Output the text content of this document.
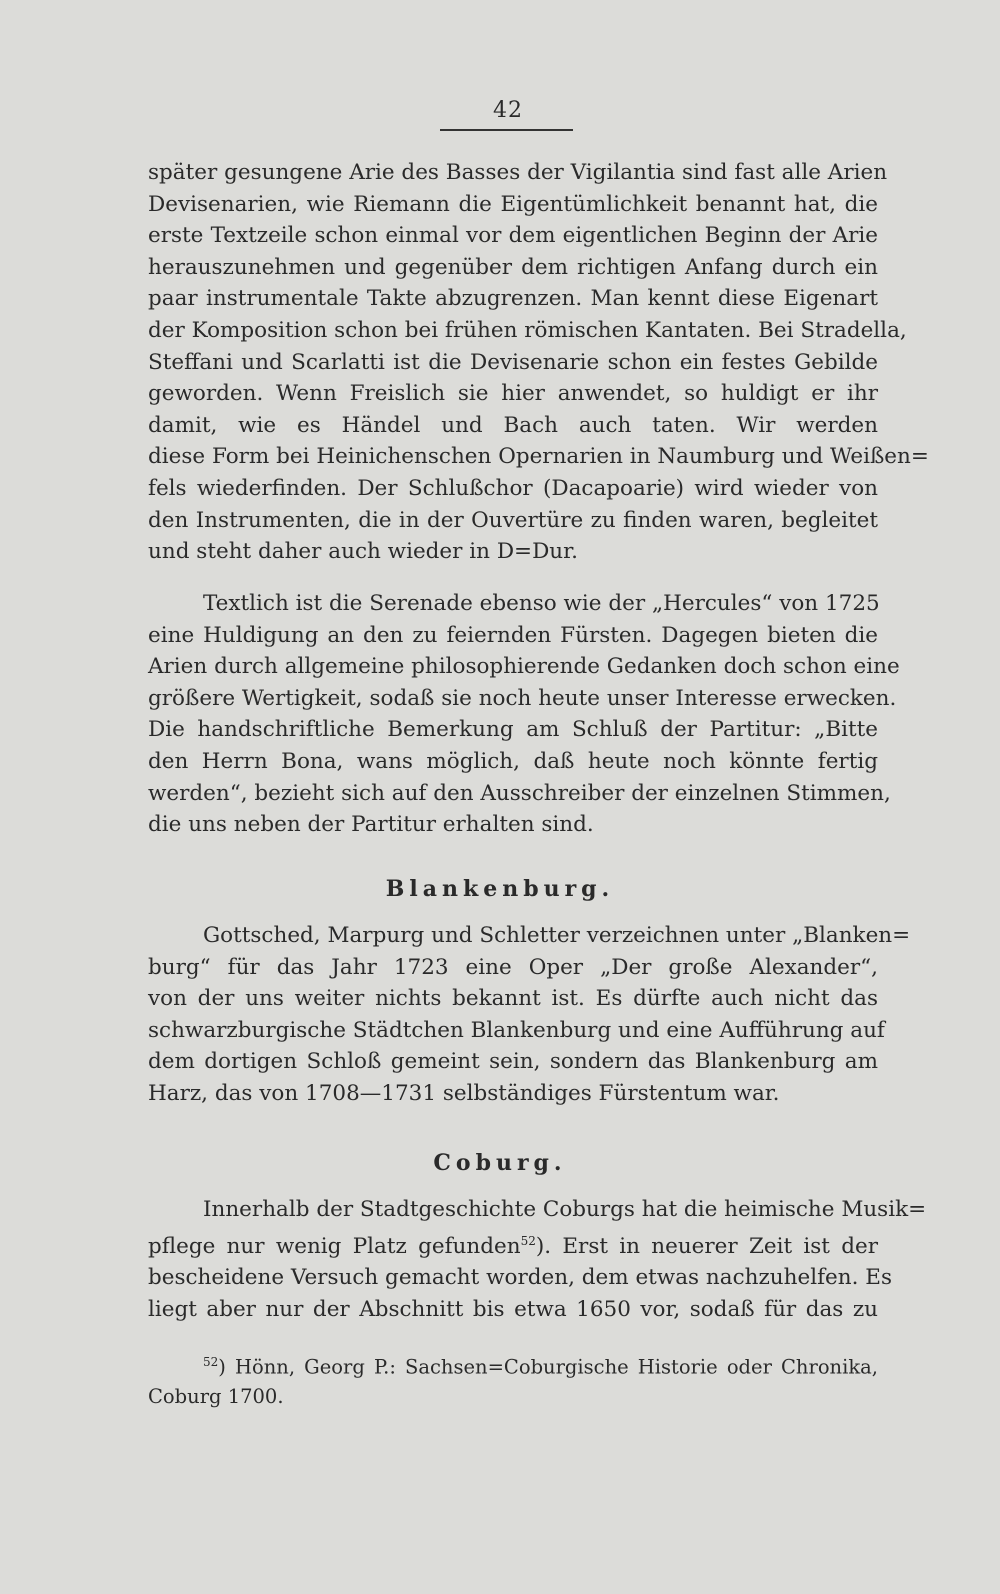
42
später gesungene Arie des Basses der Vigilantia sind fast alle Arien
Devisenarien, wie Riemann die Eigentümlichkeit benannt hat, die
erste Textzeile schon einmal vor dem eigentlichen Beginn der Arie
herauszunehmen und gegenüber dem richtigen Anfang durch ein
paar instrumentale Takte abzugrenzen. Man kennt diese Eigenart
der Komposition schon bei frühen römischen Kantaten. Bei Stradella,
Steffani und Scarlatti ist die Devisenarie schon ein festes Gebilde
geworden. Wenn Freislich sie hier anwendet, so huldigt er ihr
damit, wie es Händel und Bach auch taten. Wir werden
diese Form bei Heinichenschen Opernarien in Naumburg und Weißen=
fels wiederfinden. Der Schlußchor (Dacapoarie) wird wieder von
den Instrumenten, die in der Ouvertüre zu finden waren, begleitet
und steht daher auch wieder in D=Dur.
Textlich ist die Serenade ebenso wie der „Hercules“ von 1725
eine Huldigung an den zu feiernden Fürsten. Dagegen bieten die
Arien durch allgemeine philosophierende Gedanken doch schon eine
größere Wertigkeit, sodaß sie noch heute unser Interesse erwecken.
Die handschriftliche Bemerkung am Schluß der Partitur: „Bitte
den Herrn Bona, wans möglich, daß heute noch könnte fertig
werden“, bezieht sich auf den Ausschreiber der einzelnen Stimmen,
die uns neben der Partitur erhalten sind.
Blankenburg.
Gottsched, Marpurg und Schletter verzeichnen unter „Blanken=
burg“ für das Jahr 1723 eine Oper „Der große Alexander“,
von der uns weiter nichts bekannt ist. Es dürfte auch nicht das
schwarzburgische Städtchen Blankenburg und eine Aufführung auf
dem dortigen Schloß gemeint sein, sondern das Blankenburg am
Harz, das von 1708—1731 selbständiges Fürstentum war.
Coburg.
Innerhalb der Stadtgeschichte Coburgs hat die heimische Musik=
pflege nur wenig Platz gefunden$^{52}$). Erst in neuerer Zeit ist der
bescheidene Versuch gemacht worden, dem etwas nachzuhelfen. Es
liegt aber nur der Abschnitt bis etwa 1650 vor, sodaß für das zu
$^{52}$) Hönn, Georg P.: Sachsen=Coburgische Historie oder Chronika,
Coburg 1700.
